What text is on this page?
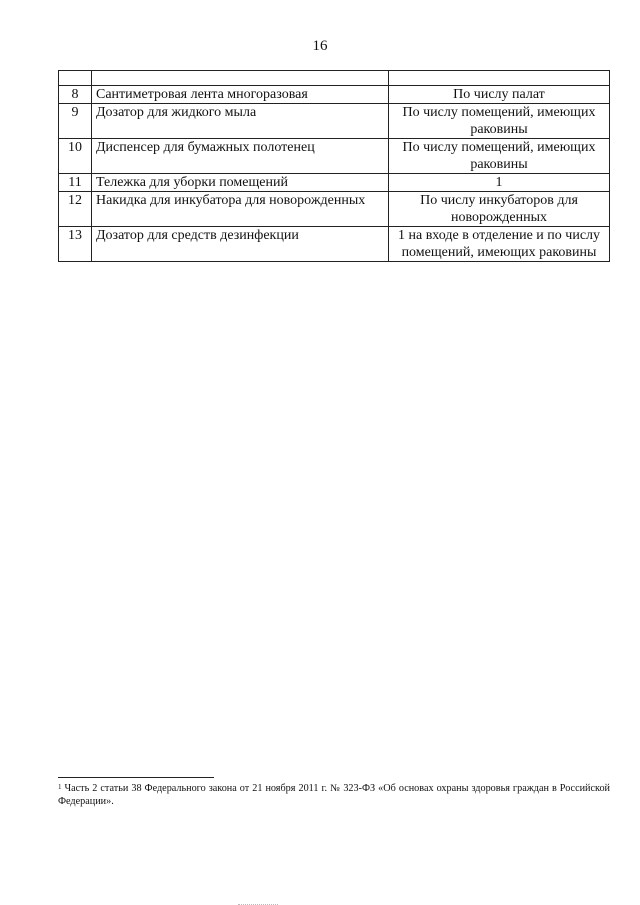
16

8	Сантиметровая лента многоразовая	По числу палат
9	Дозатор для жидкого мыла	По числу помещений, имеющих раковины
10	Диспенсер для бумажных полотенец	По числу помещений, имеющих раковины
11	Тележка для уборки помещений	1
12	Накидка для инкубатора для новорожденных	По числу инкубаторов для новорожденных
13	Дозатор для средств дезинфекции	1 на входе в отделение и по числу помещений, имеющих раковины
$^1$ Часть 2 статьи 38 Федерального закона от 21 ноября 2011 г. № 323-ФЗ «Об основах охраны здоровья граждан в Российской Федерации».
